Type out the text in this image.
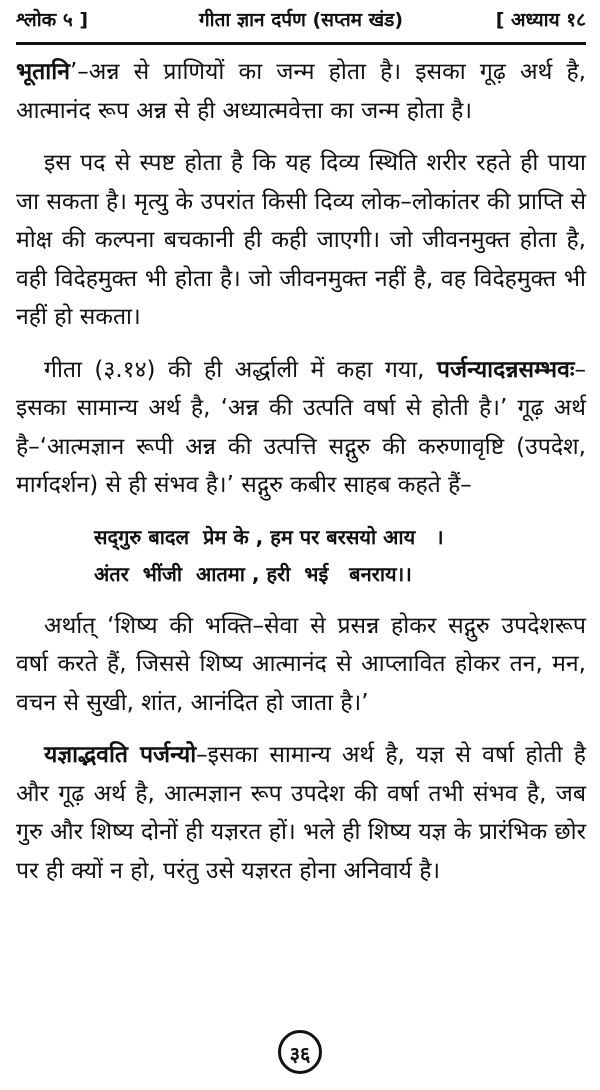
श्लोक ५ ]	गीता ज्ञान दर्पण (सप्तम खंड)	[ अध्याय १८

भूतानि’–अन्न से प्राणियों का जन्म होता है। इसका गूढ़ अर्थ है, आत्मानंद रूप अन्न से ही अध्यात्मवेत्ता का जन्म होता है।

इस पद से स्पष्ट होता है कि यह दिव्य स्थिति शरीर रहते ही पाया जा सकता है। मृत्यु के उपरांत किसी दिव्य लोक–लोकांतर की प्राप्ति से मोक्ष की कल्पना बचकानी ही कही जाएगी। जो जीवनमुक्त होता है, वही विदेहमुक्त भी होता है। जो जीवनमुक्त नहीं है, वह विदेहमुक्त भी नहीं हो सकता।

गीता (३.१४) की ही अर्द्धाली में कहा गया, पर्जन्यादन्नसम्भवः–इसका सामान्य अर्थ है, ‘अन्न की उत्पति वर्षा से होती है।’ गूढ़ अर्थ है–‘आत्मज्ञान रूपी अन्न की उत्पत्ति सद्गुरु की करुणावृष्टि (उपदेश, मार्गदर्शन) से ही संभव है।’ सद्गुरु कबीर साहब कहते हैं–

सद्‌गुरु बादल  प्रेम के , हम पर बरसयो आय   ।
अंतर  भींजी  आतमा , हरी  भई   बनराय।।

अर्थात् ‘शिष्य की भक्ति–सेवा से प्रसन्न होकर सद्गुरु उपदेशरूप वर्षा करते हैं, जिससे शिष्य आत्मानंद से आप्लावित होकर तन, मन, वचन से सुखी, शांत, आनंदित हो जाता है।’

यज्ञाद्भवति पर्जन्यो–इसका सामान्य अर्थ है, यज्ञ से वर्षा होती है और गूढ़ अर्थ है, आत्मज्ञान रूप उपदेश की वर्षा तभी संभव है, जब गुरु और शिष्य दोनों ही यज्ञरत हों। भले ही शिष्य यज्ञ के प्रारंभिक छोर पर ही क्यों न हो, परंतु उसे यज्ञरत होना अनिवार्य है।

३६
